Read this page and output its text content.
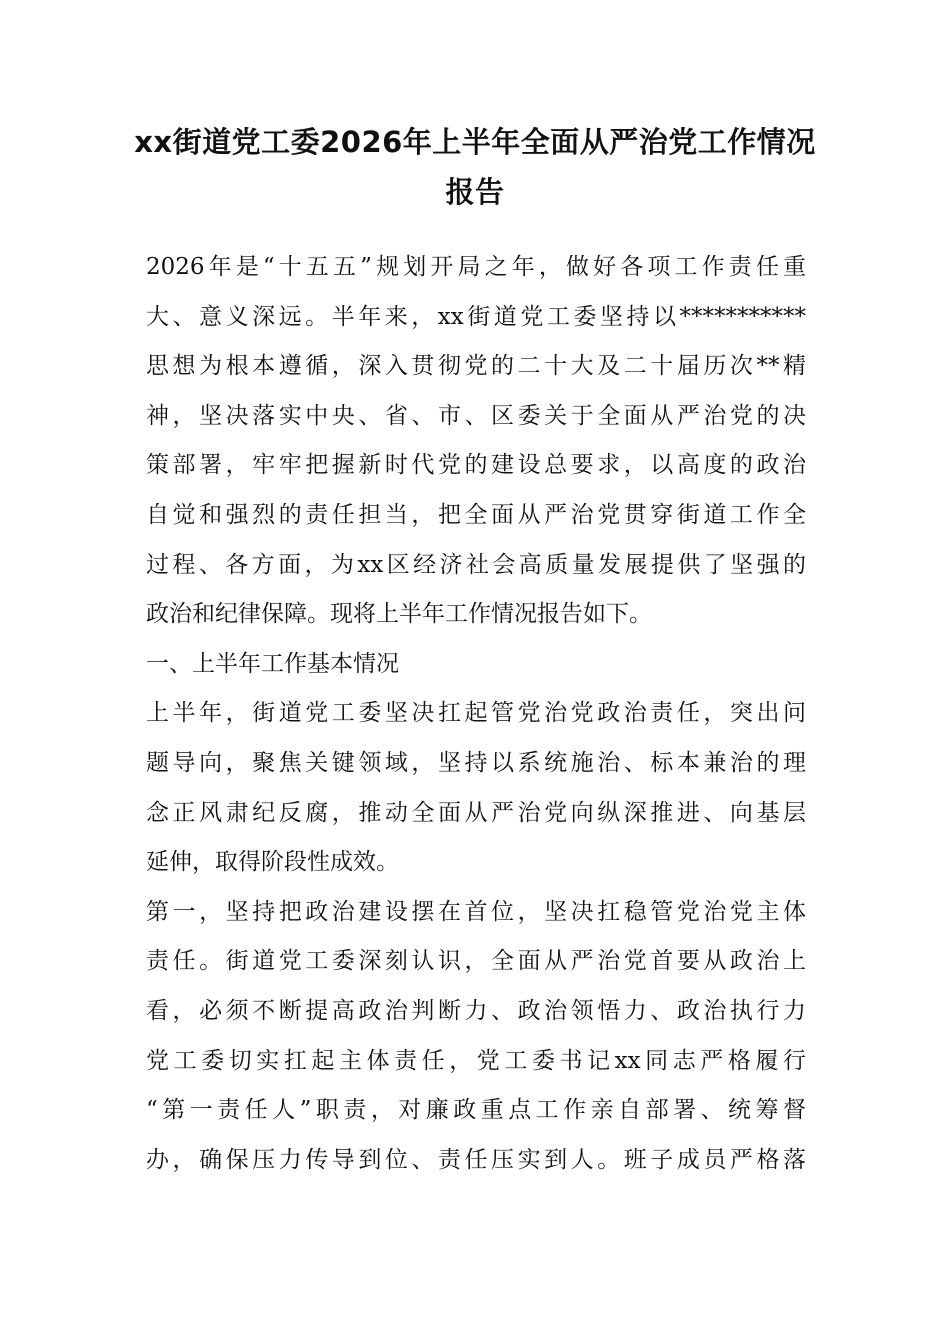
xx街道党工委2026年上半年全面从严治党工作情况
报告
2026年是“十五五”规划开局之年，做好各项工作责任重
大、意义深远。半年来，xx街道党工委坚持以***********
思想为根本遵循，深入贯彻党的二十大及二十届历次**精
神，坚决落实中央、省、市、区委关于全面从严治党的决
策部署，牢牢把握新时代党的建设总要求，以高度的政治
自觉和强烈的责任担当，把全面从严治党贯穿街道工作全
过程、各方面，为xx区经济社会高质量发展提供了坚强的
政治和纪律保障。现将上半年工作情况报告如下。
一、上半年工作基本情况
上半年，街道党工委坚决扛起管党治党政治责任，突出问
题导向，聚焦关键领域，坚持以系统施治、标本兼治的理
念正风肃纪反腐，推动全面从严治党向纵深推进、向基层
延伸，取得阶段性成效。
第一，坚持把政治建设摆在首位，坚决扛稳管党治党主体
责任。街道党工委深刻认识，全面从严治党首要从政治上
看，必须不断提高政治判断力、政治领悟力、政治执行力
党工委切实扛起主体责任，党工委书记xx同志严格履行
“第一责任人”职责，对廉政重点工作亲自部署、统筹督
办，确保压力传导到位、责任压实到人。班子成员严格落
